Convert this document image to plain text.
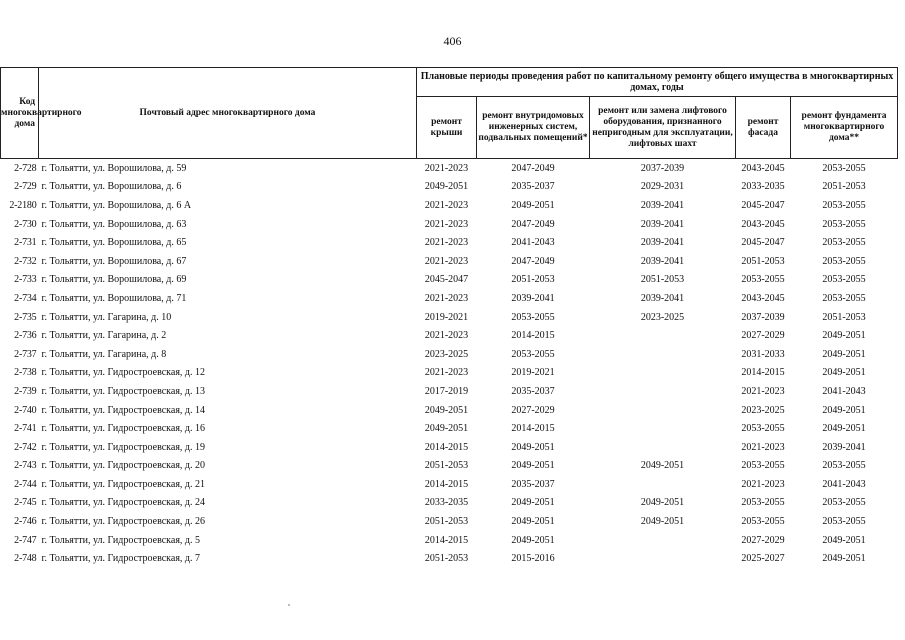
406
Код многоквартирного дома	Почтовый адрес многоквартирного дома	Плановые периоды проведения работ по капитальному ремонту общего имущества в многоквартирных домах, годы				
		ремонт крыши	ремонт внутридомовых инженерных систем, подвальных помещений*	ремонт или замена лифтового оборудования, признанного непригодным для эксплуатации, лифтовых шахт	ремонт фасада	ремонт фундамента многоквартирного дома**
2-728	г. Тольятти, ул. Ворошилова, д. 59	2021-2023	2047-2049	2037-2039	2043-2045	2053-2055
2-729	г. Тольятти, ул. Ворошилова, д. 6	2049-2051	2035-2037	2029-2031	2033-2035	2051-2053
2-2180	г. Тольятти, ул. Ворошилова, д. 6 А	2021-2023	2049-2051	2039-2041	2045-2047	2053-2055
2-730	г. Тольятти, ул. Ворошилова, д. 63	2021-2023	2047-2049	2039-2041	2043-2045	2053-2055
2-731	г. Тольятти, ул. Ворошилова, д. 65	2021-2023	2041-2043	2039-2041	2045-2047	2053-2055
2-732	г. Тольятти, ул. Ворошилова, д. 67	2021-2023	2047-2049	2039-2041	2051-2053	2053-2055
2-733	г. Тольятти, ул. Ворошилова, д. 69	2045-2047	2051-2053	2051-2053	2053-2055	2053-2055
2-734	г. Тольятти, ул. Ворошилова, д. 71	2021-2023	2039-2041	2039-2041	2043-2045	2053-2055
2-735	г. Тольятти, ул. Гагарина, д. 10	2019-2021	2053-2055	2023-2025	2037-2039	2051-2053
2-736	г. Тольятти, ул. Гагарина, д. 2	2021-2023	2014-2015		2027-2029	2049-2051
2-737	г. Тольятти, ул. Гагарина, д. 8	2023-2025	2053-2055		2031-2033	2049-2051
2-738	г. Тольятти, ул. Гидростроевская, д. 12	2021-2023	2019-2021		2014-2015	2049-2051
2-739	г. Тольятти, ул. Гидростроевская, д. 13	2017-2019	2035-2037		2021-2023	2041-2043
2-740	г. Тольятти, ул. Гидростроевская, д. 14	2049-2051	2027-2029		2023-2025	2049-2051
2-741	г. Тольятти, ул. Гидростроевская, д. 16	2049-2051	2014-2015		2053-2055	2049-2051
2-742	г. Тольятти, ул. Гидростроевская, д. 19	2014-2015	2049-2051		2021-2023	2039-2041
2-743	г. Тольятти, ул. Гидростроевская, д. 20	2051-2053	2049-2051	2049-2051	2053-2055	2053-2055
2-744	г. Тольятти, ул. Гидростроевская, д. 21	2014-2015	2035-2037		2021-2023	2041-2043
2-745	г. Тольятти, ул. Гидростроевская, д. 24	2033-2035	2049-2051	2049-2051	2053-2055	2053-2055
2-746	г. Тольятти, ул. Гидростроевская, д. 26	2051-2053	2049-2051	2049-2051	2053-2055	2053-2055
2-747	г. Тольятти, ул. Гидростроевская, д. 5	2014-2015	2049-2051		2027-2029	2049-2051
2-748	г. Тольятти, ул. Гидростроевская, д. 7	2051-2053	2015-2016		2025-2027	2049-2051
